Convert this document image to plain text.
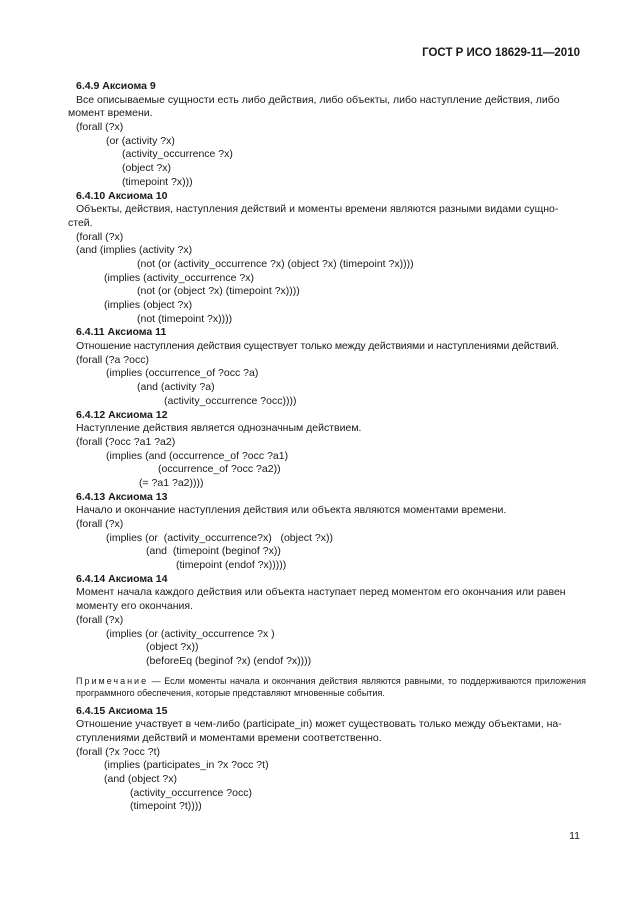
ГОСТ Р ИСО 18629-11—2010
6.4.9 Аксиома 9
Все описываемые сущности есть либо действия, либо объекты, либо наступление действия, либо
момент времени.
(forall (?x)
(or (activity ?x)
(activity_occurrence ?x)
(object ?x)
(timepoint ?x)))
6.4.10 Аксиома 10
Объекты, действия, наступления действий и моменты времени являются разными видами сущно-
стей.
(forall (?x)
(and (implies (activity ?x)
(not (or (activity_occurrence ?x) (object ?x) (timepoint ?x))))
(implies (activity_occurrence ?x)
(not (or (object ?x) (timepoint ?x))))
(implies (object ?x)
(not (timepoint ?x))))
6.4.11 Аксиома 11
Отношение наступления действия существует только между действиями и наступлениями действий.
(forall (?a ?occ)
(implies (occurrence_of ?occ ?a)
(and (activity ?a)
(activity_occurrence ?occ))))
6.4.12 Аксиома 12
Наступление действия является однозначным действием.
(forall (?occ ?a1 ?a2)
(implies (and (occurrence_of ?occ ?a1)
(occurrence_of ?occ ?a2))
(= ?a1 ?a2))))
6.4.13 Аксиома 13
Начало и окончание наступления действия или объекта являются моментами времени.
(forall (?x)
(implies (or  (activity_occurrence?x)   (object ?x))
(and  (timepoint (beginof ?x))
(timepoint (endof ?x)))))
6.4.14 Аксиома 14
Момент начала каждого действия или объекта наступает перед моментом его окончания или равен
моменту его окончания.
(forall (?x)
(implies (or (activity_occurrence ?x )
(object ?x))
(beforeEq (beginof ?x) (endof ?x))))
Примечание — Если моменты начала и окончания действия являются равными, то поддерживаются приложения программного обеспечения, которые представляют мгновенные события.
6.4.15 Аксиома 15
Отношение участвует в чем-либо (participate_in) может существовать только между объектами, на-
ступлениями действий и моментами времени соответственно.
(forall (?x ?occ ?t)
(implies (participates_in ?x ?occ ?t)
(and (object ?x)
(activity_occurrence ?occ)
(timepoint ?t))))
11
